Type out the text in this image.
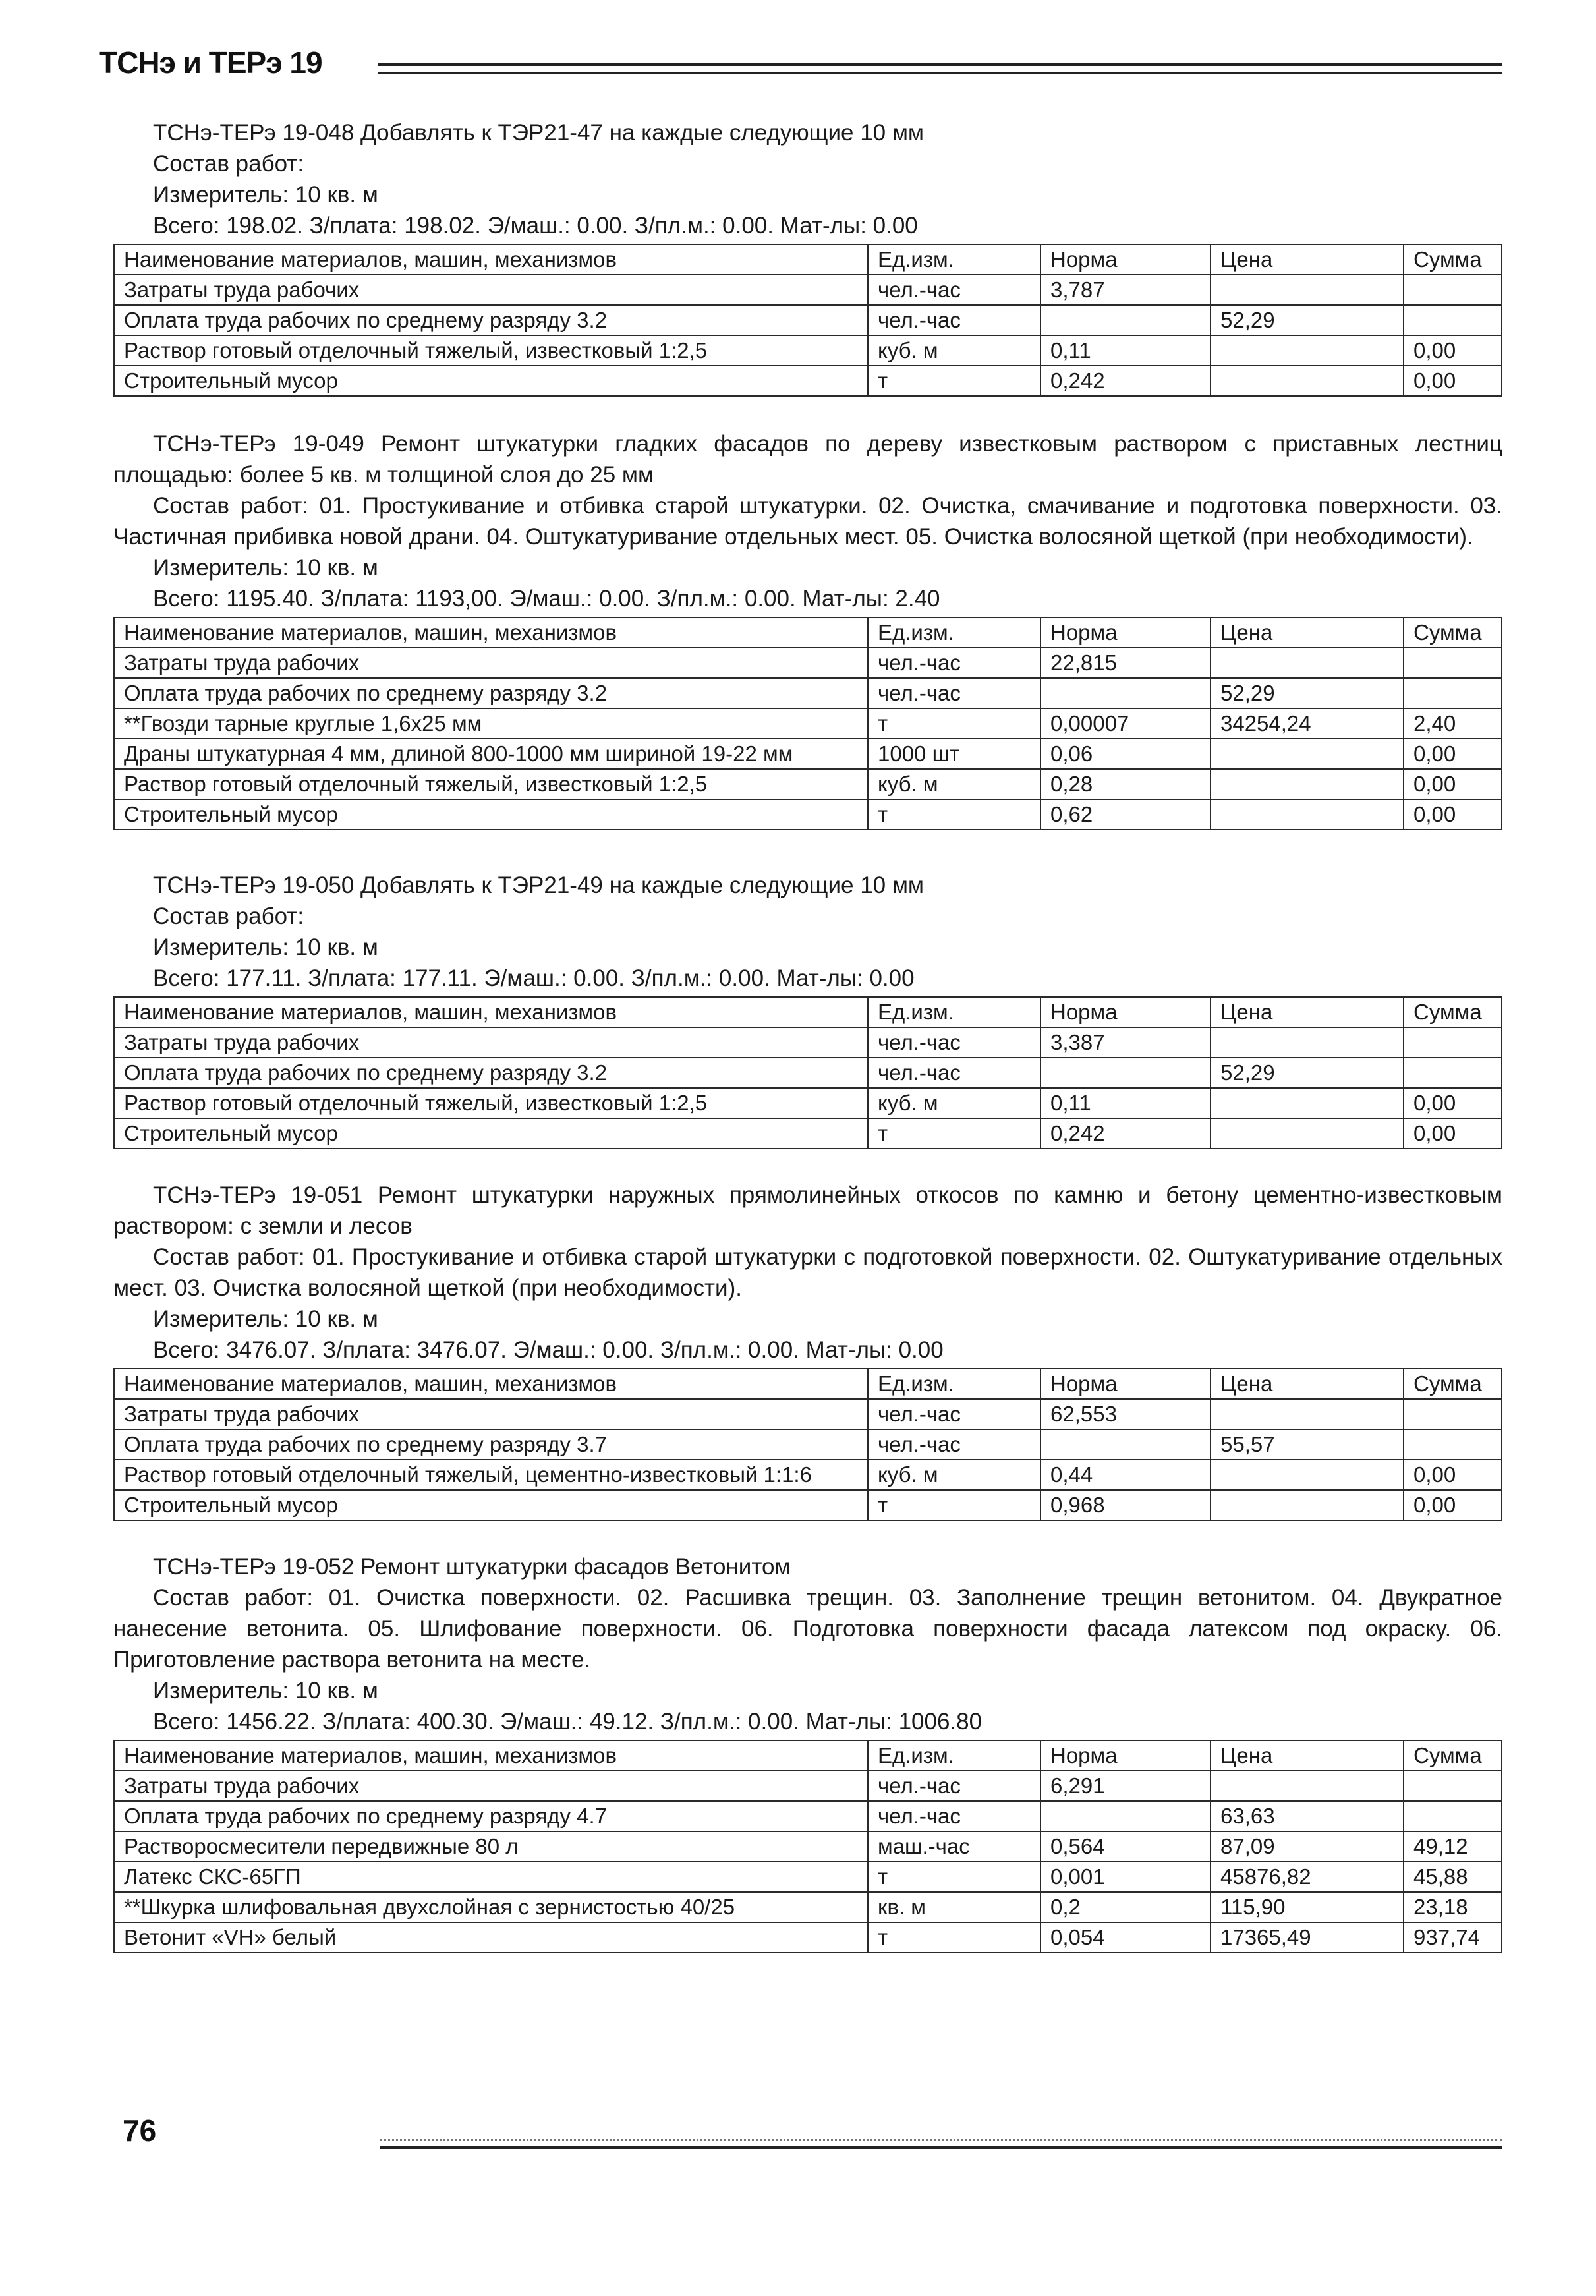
ТСНэ и ТЕРэ 19

ТСНэ-ТЕРэ 19-048 Добавлять к ТЭР21-47 на каждые следующие 10 мм

Состав работ:

Измеритель: 10 кв. м

Всего: 198.02. З/плата: 198.02. Э/маш.: 0.00. З/пл.м.: 0.00. Мат-лы: 0.00

Наименование материалов, машин, механизмов	Ед.изм.	Норма	Цена	Сумма
Затраты труда рабочих	чел.-час	3,787		
Оплата труда рабочих по среднему разряду 3.2	чел.-час		52,29	
Раствор готовый отделочный тяжелый, известковый 1:2,5	куб. м	0,11		0,00
Строительный мусор	т	0,242		0,00

ТСНэ-ТЕРэ 19-049 Ремонт штукатурки гладких фасадов по дереву известковым раствором с приставных лестниц площадью: более 5 кв. м толщиной слоя до 25 мм

Состав работ: 01. Простукивание и отбивка старой штукатурки. 02. Очистка, смачивание и подготовка поверхности. 03. Частичная прибивка новой драни. 04. Оштукатуривание отдельных мест. 05. Очистка волосяной щеткой (при необходимости).

Измеритель: 10 кв. м

Всего: 1195.40. З/плата: 1193,00. Э/маш.: 0.00. З/пл.м.: 0.00. Мат-лы: 2.40

Наименование материалов, машин, механизмов	Ед.изм.	Норма	Цена	Сумма
Затраты труда рабочих	чел.-час	22,815		
Оплата труда рабочих по среднему разряду 3.2	чел.-час		52,29	
**Гвозди тарные круглые 1,6х25 мм	т	0,00007	34254,24	2,40
Драны штукатурная 4 мм, длиной 800-1000 мм шириной 19-22 мм	1000 шт	0,06		0,00
Раствор готовый отделочный тяжелый, известковый 1:2,5	куб. м	0,28		0,00
Строительный мусор	т	0,62		0,00

ТСНэ-ТЕРэ 19-050 Добавлять к ТЭР21-49 на каждые следующие 10 мм

Состав работ:

Измеритель: 10 кв. м

Всего: 177.11. З/плата: 177.11. Э/маш.: 0.00. З/пл.м.: 0.00. Мат-лы: 0.00

Наименование материалов, машин, механизмов	Ед.изм.	Норма	Цена	Сумма
Затраты труда рабочих	чел.-час	3,387		
Оплата труда рабочих по среднему разряду 3.2	чел.-час		52,29	
Раствор готовый отделочный тяжелый, известковый 1:2,5	куб. м	0,11		0,00
Строительный мусор	т	0,242		0,00

ТСНэ-ТЕРэ 19-051 Ремонт штукатурки наружных прямолинейных откосов по камню и бетону цементно-известковым раствором: с земли и лесов

Состав работ: 01. Простукивание и отбивка старой штукатурки с подготовкой поверхности. 02. Оштукатуривание отдельных мест. 03. Очистка волосяной щеткой (при необходимости).

Измеритель: 10 кв. м

Всего: 3476.07. З/плата: 3476.07. Э/маш.: 0.00. З/пл.м.: 0.00. Мат-лы: 0.00

Наименование материалов, машин, механизмов	Ед.изм.	Норма	Цена	Сумма
Затраты труда рабочих	чел.-час	62,553		
Оплата труда рабочих по среднему разряду 3.7	чел.-час		55,57	
Раствор готовый отделочный тяжелый, цементно-известковый 1:1:6	куб. м	0,44		0,00
Строительный мусор	т	0,968		0,00

ТСНэ-ТЕРэ 19-052 Ремонт штукатурки фасадов Ветонитом

Состав работ: 01. Очистка поверхности. 02. Расшивка трещин. 03. Заполнение трещин ветонитом. 04. Двукратное нанесение ветонита. 05. Шлифование поверхности. 06. Подготовка поверхности фасада латексом под окраску. 06. Приготовление раствора ветонита на месте.

Измеритель: 10 кв. м

Всего: 1456.22. З/плата: 400.30. Э/маш.: 49.12. З/пл.м.: 0.00. Мат-лы: 1006.80

Наименование материалов, машин, механизмов	Ед.изм.	Норма	Цена	Сумма
Затраты труда рабочих	чел.-час	6,291		
Оплата труда рабочих по среднему разряду 4.7	чел.-час		63,63	
Растворосмесители передвижные 80 л	маш.-час	0,564	87,09	49,12
Латекс СКС-65ГП	т	0,001	45876,82	45,88
**Шкурка шлифовальная двухслойная с зернистостью 40/25	кв. м	0,2	115,90	23,18
Ветонит «VH» белый	т	0,054	17365,49	937,74
76
